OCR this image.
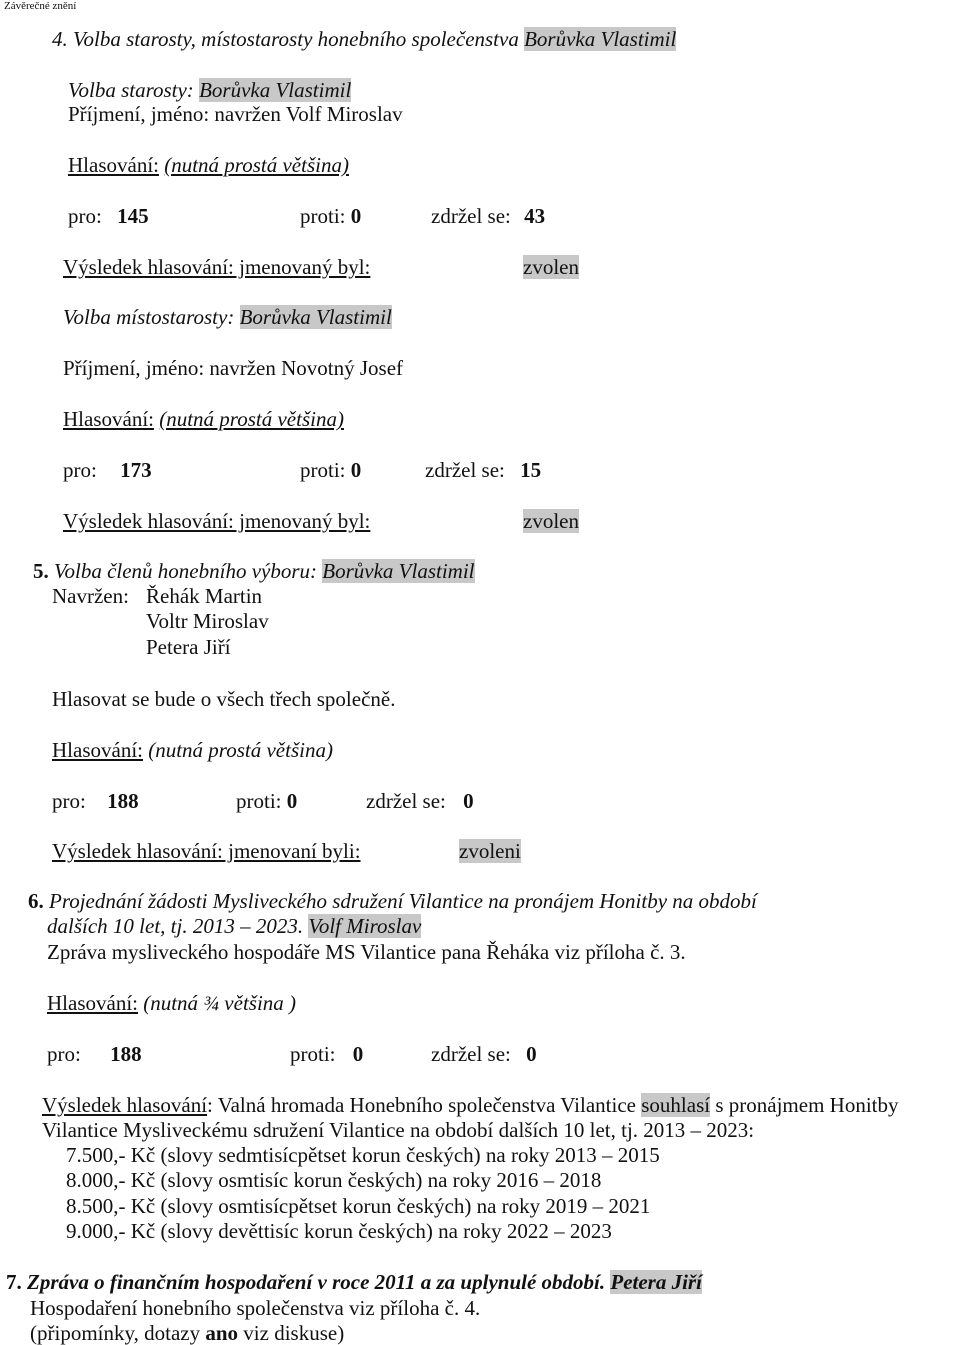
Závěrečné znění
4. Volba starosty, místostarosty honebního společenstva Borůvka Vlastimil
Volba starosty: Borůvka Vlastimil
Příjmení, jméno: navržen Volf Miroslav
Hlasování: (nutná prostá většina)
pro: 145	proti: 0	zdržel se: 43
Výsledek hlasování: jmenovaný byl:	zvolen
Volba místostarosty: Borůvka Vlastimil
Příjmení, jméno: navržen Novotný Josef
Hlasování: (nutná prostá většina)
pro: 173	proti: 0	zdržel se: 15
Výsledek hlasování: jmenovaný byl:	zvolen
5. Volba členů honebního výboru: Borůvka Vlastimil
Navržen: Řehák Martin
Voltr Miroslav
Petera Jiří
Hlasovat se bude o všech třech společně.
Hlasování: (nutná prostá většina)
pro: 188	proti: 0	zdržel se: 0
Výsledek hlasování: jmenovaní byli:	zvoleni
6. Projednání žádosti Mysliveckého sdružení Vilantice na pronájem Honitby na období
dalších 10 let, tj. 2013 – 2023. Volf Miroslav
Zpráva mysliveckého hospodáře MS Vilantice pana Řeháka viz příloha č. 3.
Hlasování: (nutná ¾ většina )
pro: 188	proti: 0	zdržel se: 0
Výsledek hlasování: Valná hromada Honebního společenstva Vilantice souhlasí s pronájmem Honitby
Vilantice Mysliveckému sdružení Vilantice na období dalších 10 let, tj. 2013 – 2023:
7.500,- Kč (slovy sedmtisícpětset korun českých) na roky 2013 – 2015
8.000,- Kč (slovy osmtisíc korun českých) na roky 2016 – 2018
8.500,- Kč (slovy osmtisícpětset korun českých) na roky 2019 – 2021
9.000,- Kč (slovy devěttisíc korun českých) na roky 2022 – 2023
7. Zpráva o finančním hospodaření v roce 2011 a za uplynulé období. Petera Jiří
Hospodaření honebního společenstva viz příloha č. 4.
(připomínky, dotazy ano viz diskuse)
